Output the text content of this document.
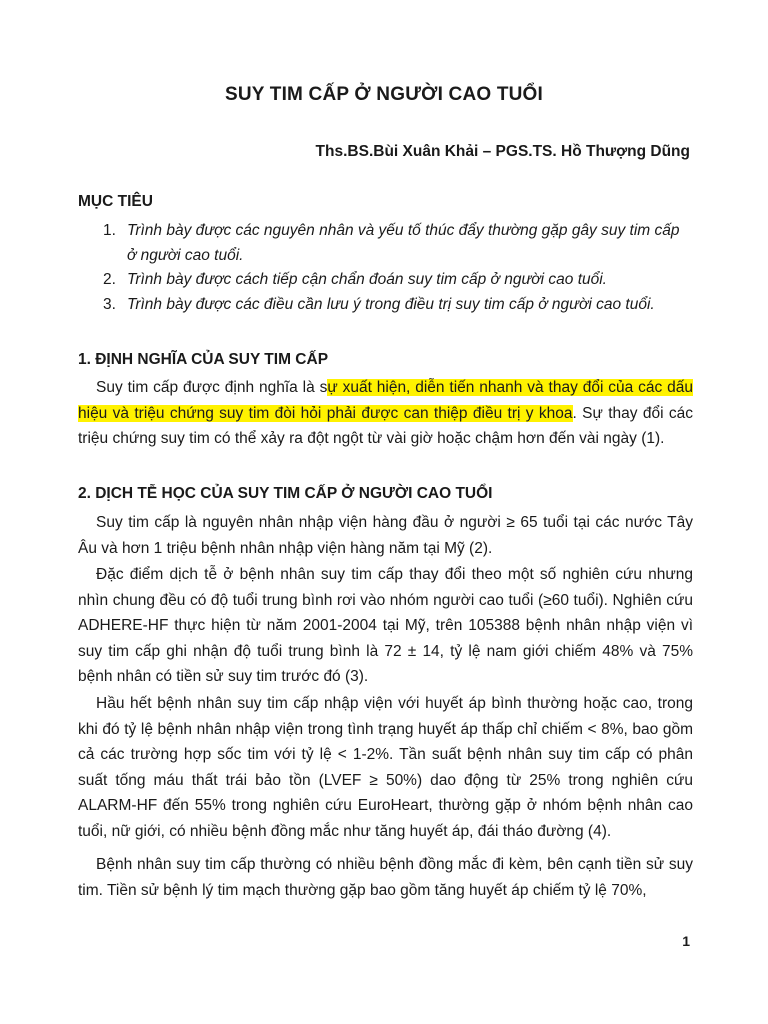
SUY TIM CẤP Ở NGƯỜI CAO TUỔI
Ths.BS.Bùi Xuân Khải – PGS.TS. Hồ Thượng Dũng
MỤC TIÊU
1. Trình bày được các nguyên nhân và yếu tố thúc đẩy thường gặp gây suy tim cấp ở người cao tuổi.
2. Trình bày được cách tiếp cận chẩn đoán suy tim cấp ở người cao tuổi.
3. Trình bày được các điều cần lưu ý trong điều trị suy tim cấp ở người cao tuổi.
1. ĐỊNH NGHĨA CỦA SUY TIM CẤP

Suy tim cấp được định nghĩa là sự xuất hiện, diễn tiến nhanh và thay đổi của các dấu hiệu và triệu chứng suy tim đòi hỏi phải được can thiệp điều trị y khoa. Sự thay đổi các triệu chứng suy tim có thể xảy ra đột ngột từ vài giờ hoặc chậm hơn đến vài ngày (1).

2. DỊCH TỄ HỌC CỦA SUY TIM CẤP Ở NGƯỜI CAO TUỔI

Suy tim cấp là nguyên nhân nhập viện hàng đầu ở người ≥ 65 tuổi tại các nước Tây Âu và hơn 1 triệu bệnh nhân nhập viện hàng năm tại Mỹ (2).

Đặc điểm dịch tễ ở bệnh nhân suy tim cấp thay đổi theo một số nghiên cứu nhưng nhìn chung đều có độ tuổi trung bình rơi vào nhóm người cao tuổi (≥60 tuổi). Nghiên cứu ADHERE-HF thực hiện từ năm 2001-2004 tại Mỹ, trên 105388 bệnh nhân nhập viện vì suy tim cấp ghi nhận độ tuổi trung bình là 72 ± 14, tỷ lệ nam giới chiếm 48% và 75% bệnh nhân có tiền sử suy tim trước đó (3).

Hầu hết bệnh nhân suy tim cấp nhập viện với huyết áp bình thường hoặc cao, trong khi đó tỷ lệ bệnh nhân nhập viện trong tình trạng huyết áp thấp chỉ chiếm < 8%, bao gồm cả các trường hợp sốc tim với tỷ lệ < 1-2%. Tần suất bệnh nhân suy tim cấp có phân suất tống máu thất trái bảo tồn (LVEF ≥ 50%) dao động từ 25% trong nghiên cứu ALARM-HF đến 55% trong nghiên cứu EuroHeart, thường gặp ở nhóm bệnh nhân cao tuổi, nữ giới, có nhiều bệnh đồng mắc như tăng huyết áp, đái tháo đường (4).

Bệnh nhân suy tim cấp thường có nhiều bệnh đồng mắc đi kèm, bên cạnh tiền sử suy tim. Tiền sử bệnh lý tim mạch thường gặp bao gồm tăng huyết áp chiếm tỷ lệ 70%,

1
